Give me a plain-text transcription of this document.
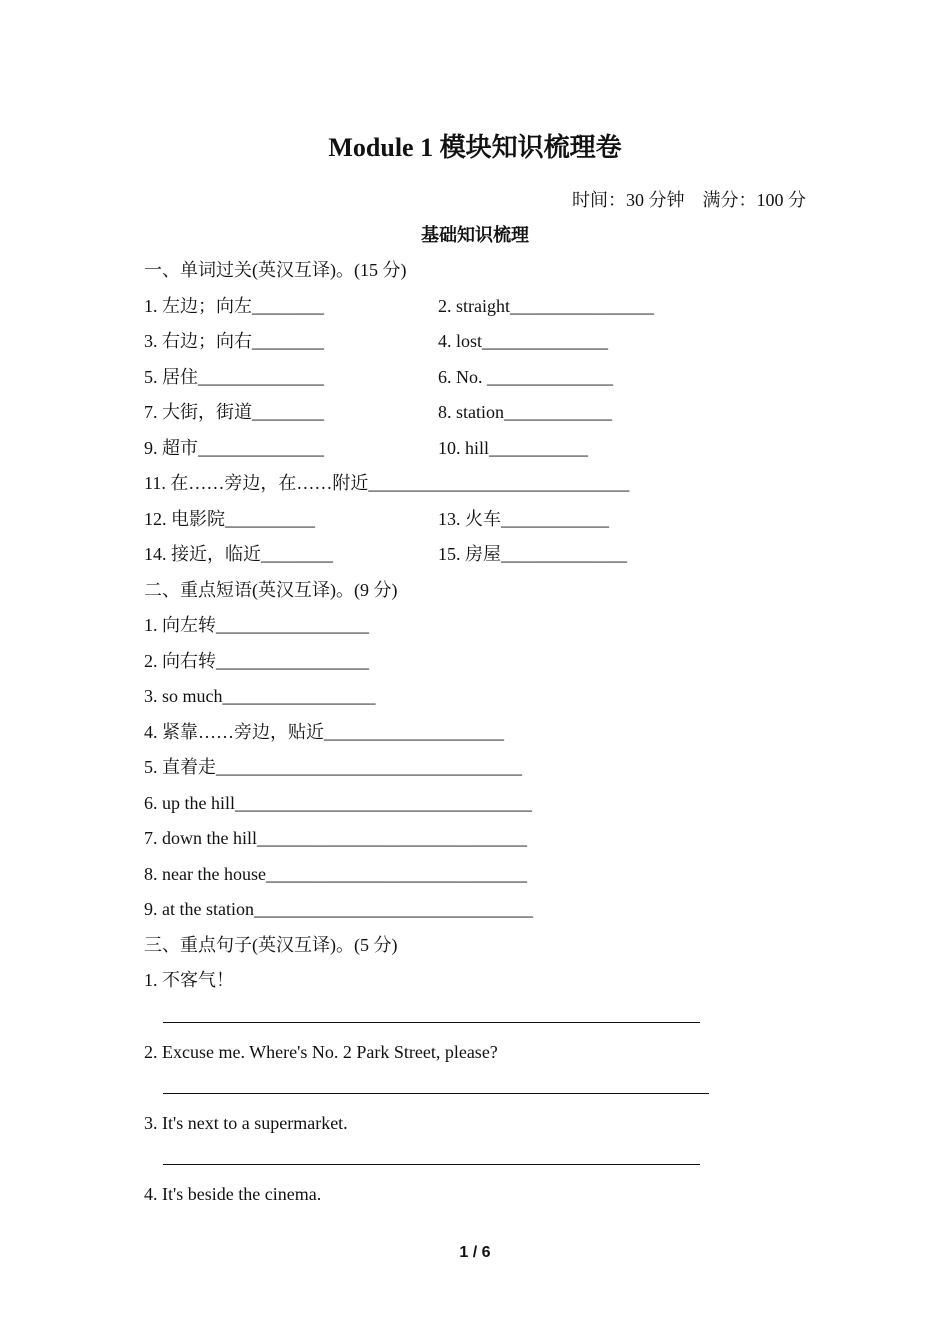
Module 1 模块知识梳理卷
时间：30 分钟　满分：100 分
基础知识梳理
一、单词过关(英汉互译)。(15 分)
1. 左边；向左________	2. straight________________
3. 右边；向右________	4. lost______________
5. 居住______________	6. No. ______________
7. 大街，街道________	8. station____________
9. 超市______________	10. hill___________
11. 在……旁边，在……附近_____________________________
12. 电影院__________	13. 火车____________
14. 接近，临近________	15. 房屋______________
二、重点短语(英汉互译)。(9 分)
1. 向左转_________________
2. 向右转_________________
3. so much_________________
4. 紧靠……旁边，贴近____________________
5. 直着走__________________________________
6. up the hill_________________________________
7. down the hill______________________________
8. near the house_____________________________
9. at the station_______________________________
三、重点句子(英汉互译)。(5 分)
1. 不客气！
2. Excuse me. Where's No. 2 Park Street, please?
3. It's next to a supermarket.
4. It's beside the cinema.
1 / 6
